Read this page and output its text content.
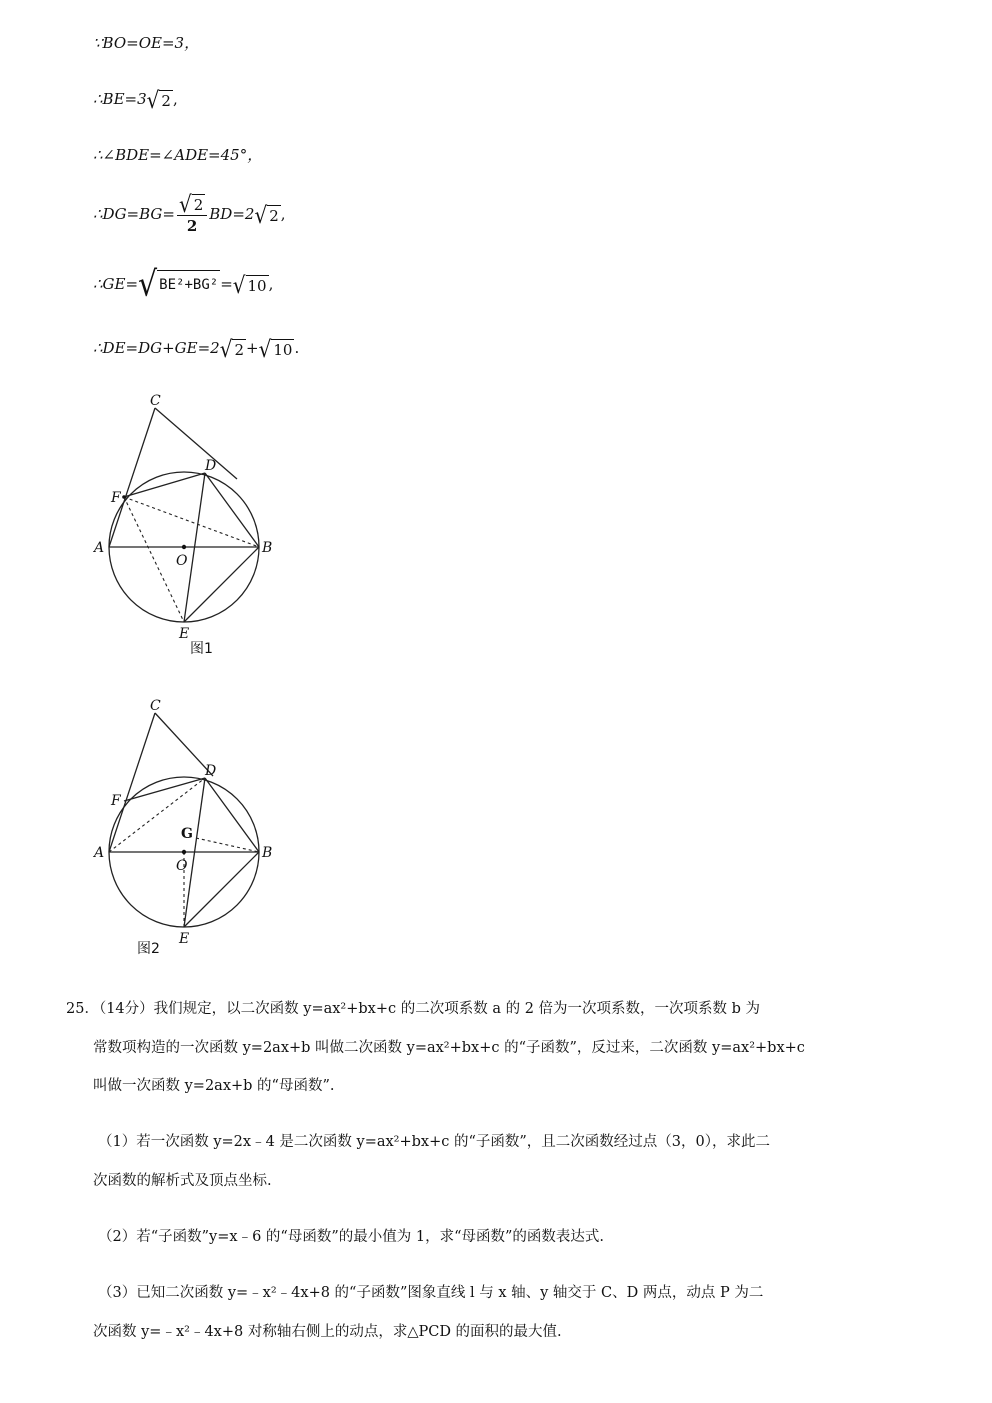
∵BO=OE=3，
∴BE=3 √ 2 ,
∴∠BDE=∠ADE=45°，
∴DG=BG= $\frac{√ 2}{2} BD=2$ √ 2 ,
∴GE= √ BE²+BG² = √ 10 ,
∴DE=DG+GE=2 √ 2 + √ 10 .
C
D
F
A	B
O
E
图1
C
D
F
G
A	B
O
E
图2
25．（14分）我们规定，以二次函数 y=ax²+bx+c 的二次项系数 a 的 2 倍为一次项系数，一次项系数 b 为
常数项构造的一次函数 y=2ax+b 叫做二次函数 y=ax²+bx+c 的“子函数”，反过来，二次函数 y=ax²+bx+c
叫做一次函数 y=2ax+b 的“母函数”.
（1）若一次函数 y=2x﹣4 是二次函数 y=ax²+bx+c 的“子函数”，且二次函数经过点（3，0），求此二
次函数的解析式及顶点坐标.
（2）若“子函数”y=x﹣6 的“母函数”的最小值为 1，求“母函数”的函数表达式.
（3）已知二次函数 y=﹣x²﹣4x+8 的“子函数”图象直线 l 与 x 轴、y 轴交于 C、D 两点，动点 P 为二
次函数 y=﹣x²﹣4x+8 对称轴右侧上的动点，求△PCD 的面积的最大值.
